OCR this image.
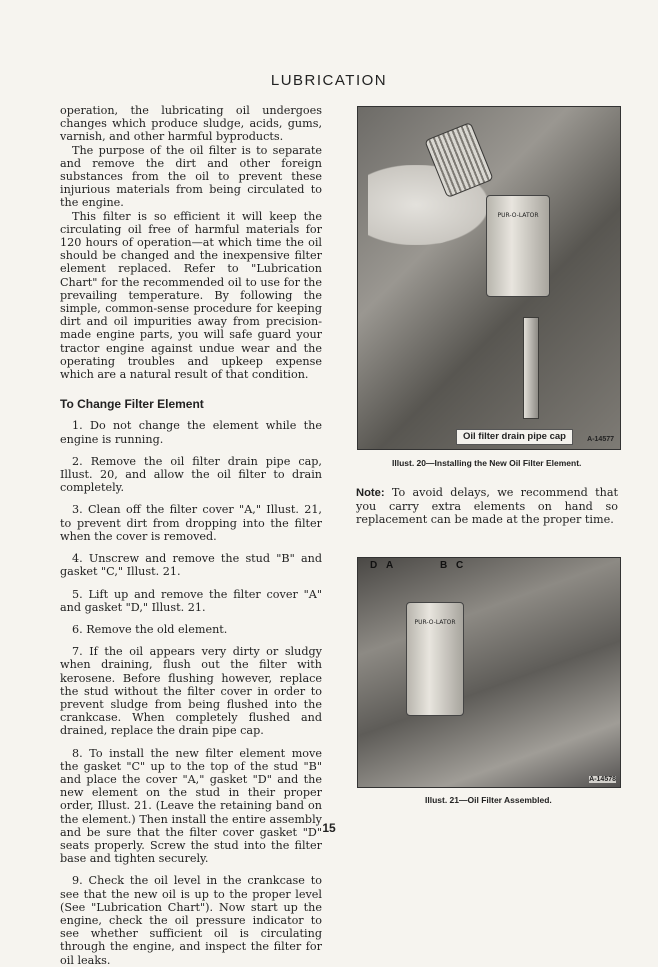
LUBRICATION

operation, the lubricating oil undergoes changes which produce sludge, acids, gums, varnish, and other harmful byproducts.

The purpose of the oil filter is to separate and remove the dirt and other foreign substances from the oil to prevent these injurious materials from being circulated to the engine.

This filter is so efficient it will keep the circulating oil free of harmful materials for 120 hours of operation—at which time the oil should be changed and the inexpensive filter element replaced. Refer to "Lubrication Chart" for the recommended oil to use for the prevailing temperature. By following the simple, common-sense procedure for keeping dirt and oil impurities away from precision-made engine parts, you will safe guard your tractor engine against undue wear and the operating troubles and upkeep expense which are a natural result of that condition.

To Change Filter Element

1. Do not change the element while the engine is running.

2. Remove the oil filter drain pipe cap, Illust. 20, and allow the oil filter to drain completely.

3. Clean off the filter cover "A," Illust. 21, to prevent dirt from dropping into the filter when the cover is removed.

4. Unscrew and remove the stud "B" and gasket "C," Illust. 21.

5. Lift up and remove the filter cover "A" and gasket "D," Illust. 21.

6. Remove the old element.

7. If the oil appears very dirty or sludgy when draining, flush out the filter with kerosene. Before flushing however, replace the stud without the filter cover in order to prevent sludge from being flushed into the crankcase. When completely flushed and drained, replace the drain pipe cap.

8. To install the new filter element move the gasket "C" up to the top of the stud "B" and place the cover "A," gasket "D" and the new element on the stud in their proper order, Illust. 21. (Leave the retaining band on the element.) Then install the entire assembly and be sure that the filter cover gasket "D" seats properly. Screw the stud into the filter base and tighten securely.

9. Check the oil level in the crankcase to see that the new oil is up to the proper level (See "Lubrication Chart"). Now start up the engine, check the oil pressure indicator to see whether sufficient oil is circulating through the engine, and inspect the filter for oil leaks.

PUR-O-LATOR
Oil filter drain pipe cap	A-14577
Illust. 20—Installing the New Oil Filter Element.
Note: To avoid delays, we recommend that you carry extra elements on hand so replacement can be made at the proper time.
D A	B C
PUR-O-LATOR
A-14578
Illust. 21—Oil Filter Assembled.
15
